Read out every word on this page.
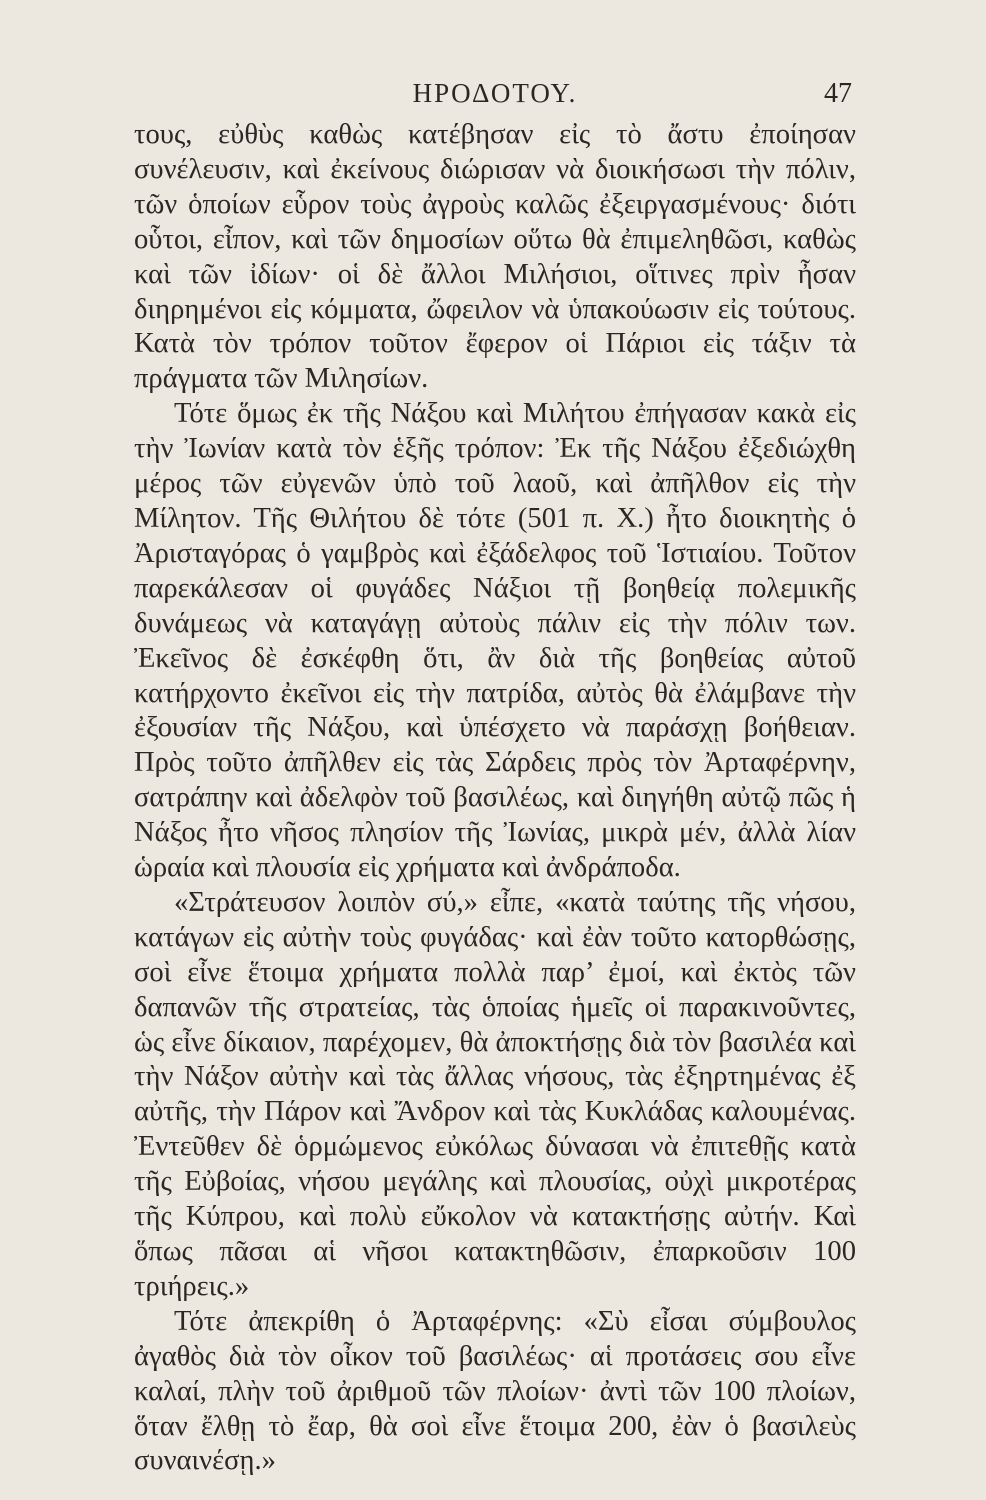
ΗΡΟΔΟΤΟΥ.	47

τους, εὐθὺς καθὼς κατέβησαν εἰς τὸ ἄστυ ἐποίησαν συνέλευσιν, καὶ ἐκείνους διώρισαν νὰ διοικήσωσι τὴν πόλιν, τῶν ὁποίων εὗρον τοὺς ἀγροὺς καλῶς ἐξειργασμένους· διότι οὗτοι, εἶπον, καὶ τῶν δημοσίων οὕτω θὰ ἐπιμεληθῶσι, καθὼς καὶ τῶν ἰδίων· οἱ δὲ ἄλλοι Μιλήσιοι, οἵτινες πρὶν ἦσαν διηρημένοι εἰς κόμματα, ὤφειλον νὰ ὑπακούωσιν εἰς τούτους. Κατὰ τὸν τρόπον τοῦτον ἔφερον οἱ Πάριοι εἰς τάξιν τὰ πράγματα τῶν Μιλησίων.

Τότε ὅμως ἐκ τῆς Νάξου καὶ Μιλήτου ἐπήγασαν κακὰ εἰς τὴν Ἰωνίαν κατὰ τὸν ἑξῆς τρόπον: Ἐκ τῆς Νάξου ἐξεδιώχθη μέρος τῶν εὐγενῶν ὑπὸ τοῦ λαοῦ, καὶ ἀπῆλθον εἰς τὴν Μίλητον. Τῆς Θιλήτου δὲ τότε (501 π. Χ.) ἦτο διοικητὴς ὁ Ἀρισταγόρας ὁ γαμβρὸς καὶ ἐξάδελφος τοῦ Ἱστιαίου. Τοῦτον παρεκάλεσαν οἱ φυγάδες Νάξιοι τῇ βοηθείᾳ πολεμικῆς δυνάμεως νὰ καταγάγῃ αὐτοὺς πάλιν εἰς τὴν πόλιν των. Ἐκεῖνος δὲ ἐσκέφθη ὅτι, ἂν διὰ τῆς βοηθείας αὐτοῦ κατήρχοντο ἐκεῖνοι εἰς τὴν πατρίδα, αὐτὸς θὰ ἐλάμβανε τὴν ἐξουσίαν τῆς Νάξου, καὶ ὑπέσχετο νὰ παράσχῃ βοήθειαν. Πρὸς τοῦτο ἀπῆλθεν εἰς τὰς Σάρδεις πρὸς τὸν Ἀρταφέρνην, σατράπην καὶ ἀδελφὸν τοῦ βασιλέως, καὶ διηγήθη αὐτῷ πῶς ἡ Νάξος ἦτο νῆσος πλησίον τῆς Ἰωνίας, μικρὰ μέν, ἀλλὰ λίαν ὡραία καὶ πλουσία εἰς χρήματα καὶ ἀνδράποδα.

«Στράτευσον λοιπὸν σύ,» εἶπε, «κατὰ ταύτης τῆς νήσου, κατάγων εἰς αὐτὴν τοὺς φυγάδας· καὶ ἐὰν τοῦτο κατορθώσῃς, σοὶ εἶνε ἕτοιμα χρήματα πολλὰ παρ’ ἐμοί, καὶ ἐκτὸς τῶν δαπανῶν τῆς στρατείας, τὰς ὁποίας ἡμεῖς οἱ παρακινοῦντες, ὡς εἶνε δίκαιον, παρέχομεν, θὰ ἀποκτήσῃς διὰ τὸν βασιλέα καὶ τὴν Νάξον αὐτὴν καὶ τὰς ἄλλας νήσους, τὰς ἐξηρτημένας ἐξ αὐτῆς, τὴν Πάρον καὶ Ἄνδρον καὶ τὰς Κυκλάδας καλουμένας. Ἐντεῦθεν δὲ ὁρμώμενος εὐκόλως δύνασαι νὰ ἐπιτεθῇς κατὰ τῆς Εὐβοίας, νήσου μεγάλης καὶ πλουσίας, οὐχὶ μικροτέρας τῆς Κύπρου, καὶ πολὺ εὔκολον νὰ κατακτήσῃς αὐτήν. Καὶ ὅπως πᾶσαι αἱ νῆσοι κατακτηθῶσιν, ἐπαρκοῦσιν 100 τριήρεις.»

Τότε ἀπεκρίθη ὁ Ἀρταφέρνης: «Σὺ εἶσαι σύμβουλος ἀγαθὸς διὰ τὸν οἶκον τοῦ βασιλέως· αἱ προτάσεις σου εἶνε καλαί, πλὴν τοῦ ἀριθμοῦ τῶν πλοίων· ἀντὶ τῶν 100 πλοίων, ὅταν ἔλθῃ τὸ ἔαρ, θὰ σοὶ εἶνε ἕτοιμα 200, ἐὰν ὁ βασιλεὺς συναινέσῃ.»
